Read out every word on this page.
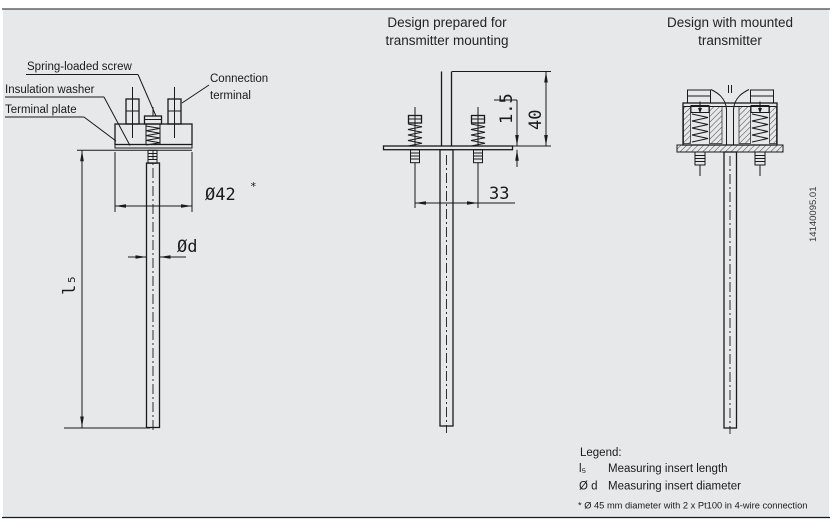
l₅
Ø42 *
Ød
Spring-loaded screw
Insulation washer
Terminal plate
Connection
terminal
Design prepared for
transmitter mounting
40
1.5
33
Design with mounted
transmitter
14140095.01
Legend:
l₅ Measuring insert length
Ø d Measuring insert diameter
* Ø 45 mm diameter with 2 x Pt100 in 4-wire connection
